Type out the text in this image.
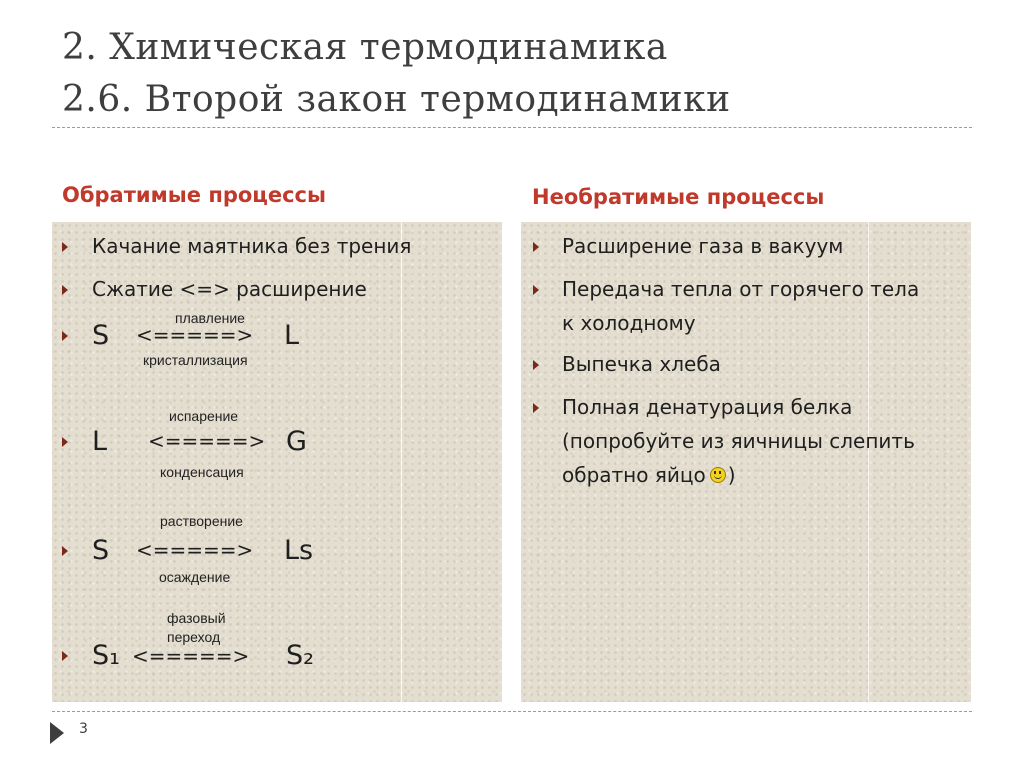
2. Химическая термодинамика
2.6. Второй закон термодинамики
Обратимые процессы	Необратимые процессы
Качание маятника без трения
Сжатие <=> расширение
плавление
S <=====> L
кристаллизация
испарение
L <=====> G
конденсация
растворение
S <=====> Ls
осаждение
фазовый
переход
S₁ <=====> S₂
Расширение газа в вакуум
Передача тепла от горячего тела
к холодному
Выпечка хлеба
Полная денатурация белка
(попробуйте из яичницы слепить
обратно яйцо )
3
